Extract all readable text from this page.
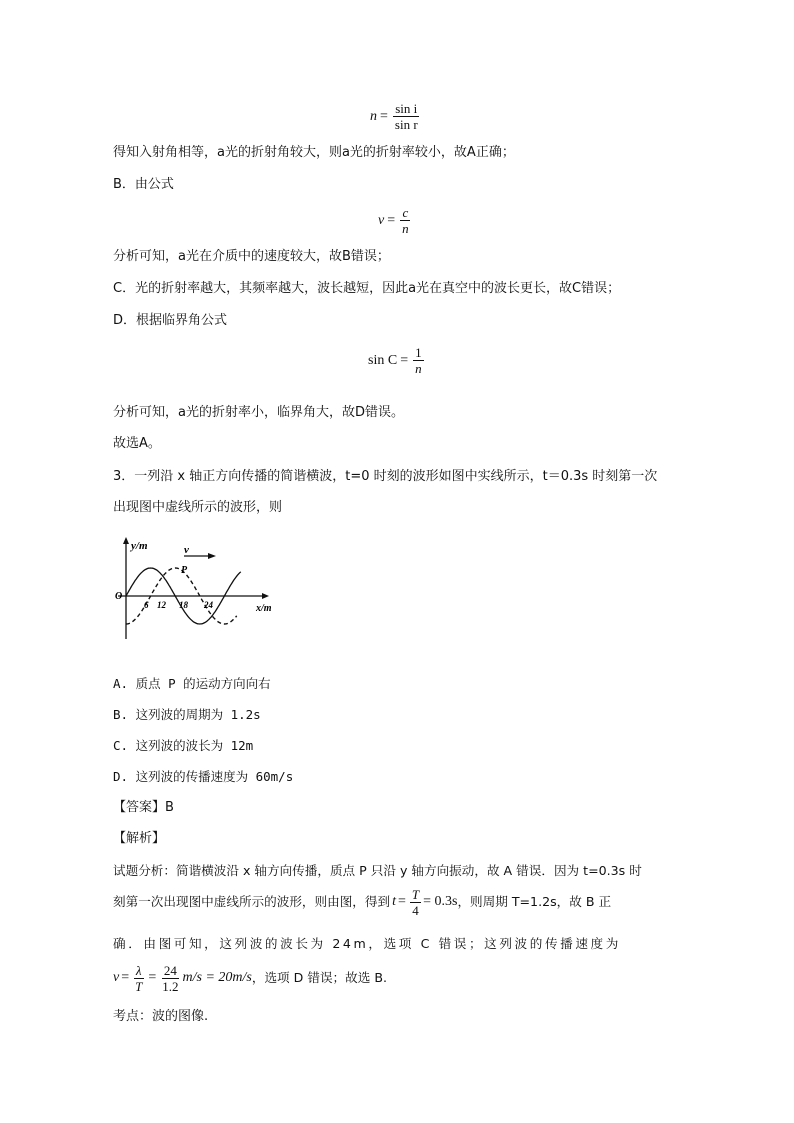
$n = \frac{\text{sin i}}{\text{sin r}}$
得知入射角相等，a光的折射角较大，则a光的折射率较小，故A正确；
B．由公式
$v = \frac{c}{n}$
分析可知，a光在介质中的速度较大，故B错误；
C．光的折射率越大，其频率越大，波长越短，因此a光在真空中的波长更长，故C错误；
D．根据临界角公式
$\sin C = \frac{1}{n}$
分析可知，a光的折射率小，临界角大，故D错误。
故选A。
3．一列沿 x 轴正方向传播的简谐横波，t=0 时刻的波形如图中实线所示，t＝0.3s 时刻第一次
出现图中虚线所示的波形，则
y/m	v
P
O
x/m
6 12 18 24
A. 质点 P 的运动方向向右
B. 这列波的周期为 1.2s
C. 这列波的波长为 12m
D. 这列波的传播速度为 60m/s
【答案】B
【解析】
试题分析：简谐横波沿 x 轴方向传播，质点 P 只沿 y 轴方向振动，故 A 错误．因为 t=0.3s 时
刻第一次出现图中虚线所示的波形，则由图，得到 $t = \frac{T}{4} = 0.3s$ ，则周期 T=1.2s，故 B 正
确．由图可知，这列波的波长为 24m，选项 C 错误；这列波的传播速度为
$v = \frac{\lambda}{T} = \frac{24}{1.2} m/s = 20m/s$ ，选项 D 错误；故选 B.
考点：波的图像.
